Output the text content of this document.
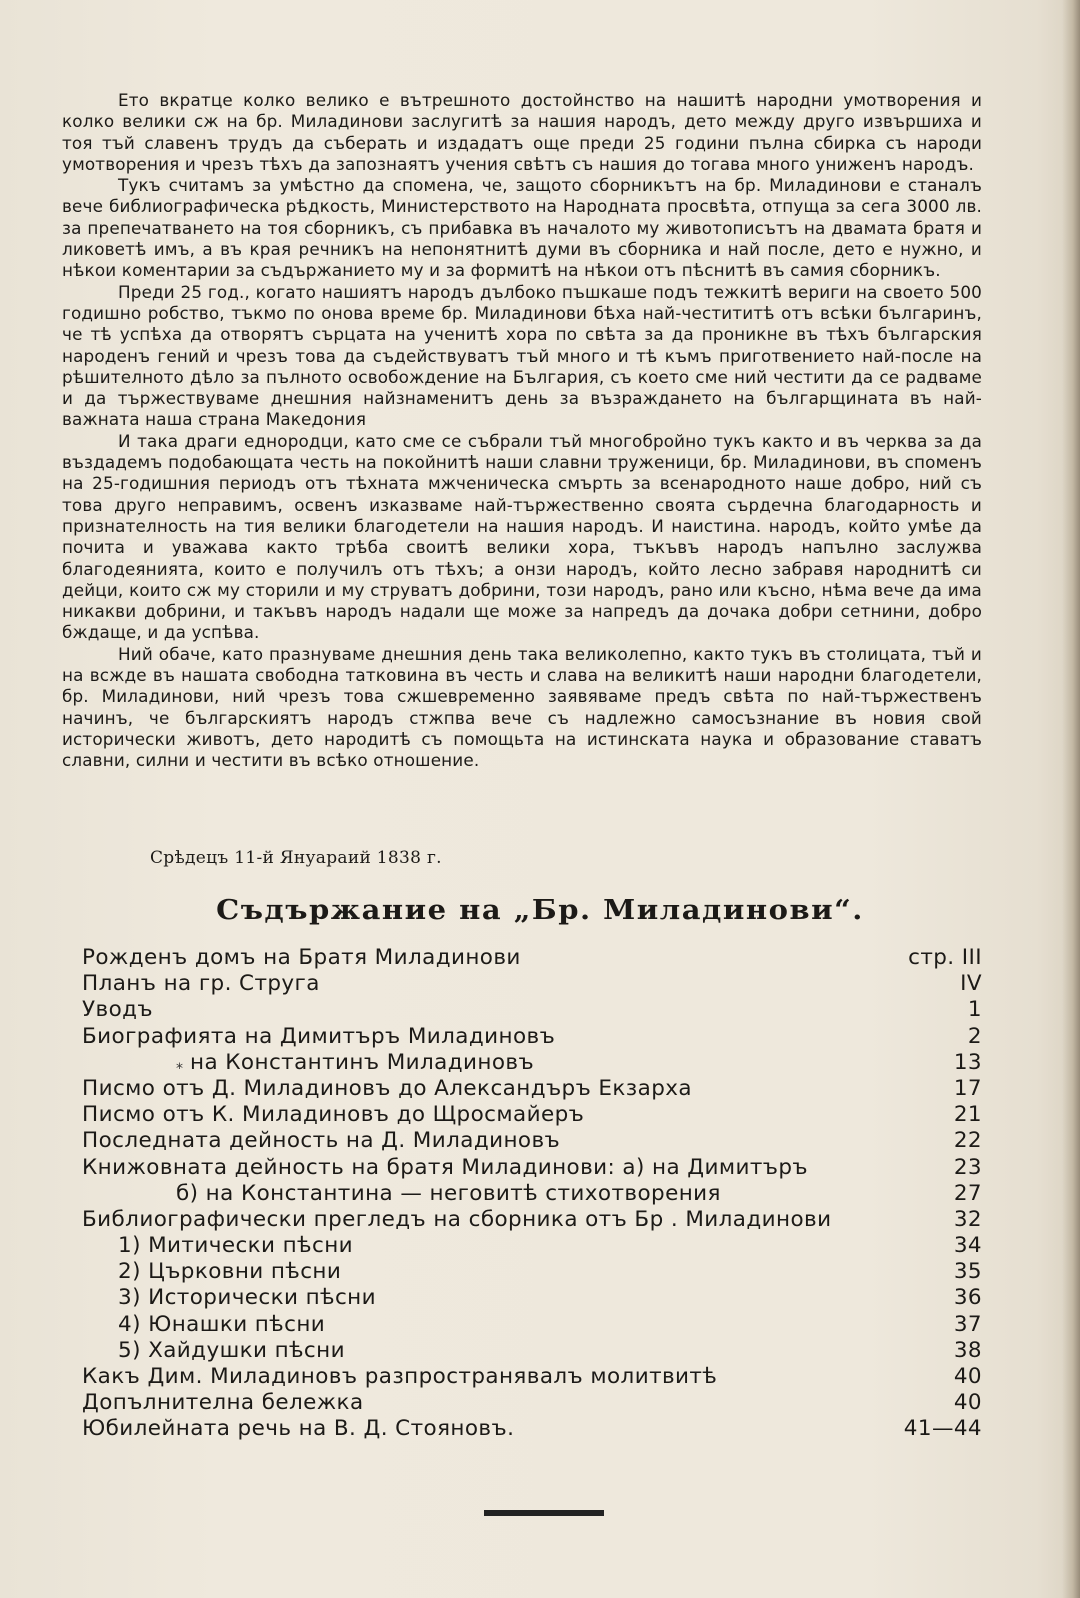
Ето вкратце колко велико е вътрешното достойнство на нашитѣ народни умотворения и колко велики сж на бр. Миладинови заслугитѣ за нашия народъ, дето между друго извършиха и тоя тъй славенъ трудъ да съберать и издадатъ още преди 25 години пълна сбирка съ народи умотворения и чрезъ тѣхъ да запознаятъ учения свѣтъ съ нашия до тогава много униженъ народъ.

Тукъ считамъ за умѣстно да спомена, че, защото сборникътъ на бр. Миладинови е станалъ вече библиографическа рѣдкость, Министерството на Народната просвѣта, отпуща за сега 3000 лв. за препечатването на тоя сборникъ, съ прибавка въ началото му животописътъ на двамата братя и ликоветѣ имъ, а въ края речникъ на непонятнитѣ думи въ сборника и най после, дето е нужно, и нѣкои коментарии за съдържанието му и за формитѣ на нѣкои отъ пѣснитѣ въ самия сборникъ.

Преди 25 год., когато нашиятъ народъ дълбоко пъшкаше подъ тежкитѣ вериги на своето 500 годишно робство, тъкмо по онова време бр. Миладинови бѣха най-честититѣ отъ всѣки българинъ, че тѣ успѣха да отворятъ сърцата на ученитѣ хора по свѣта за да проникне въ тѣхъ българския народенъ гений и чрезъ това да съдействуватъ тъй много и тѣ къмъ приготвението най-после на рѣшителното дѣло за пълното освобождение на България, съ което сме ний честити да се радваме и да тържествуваме днешния найзнаменитъ день за възраждането на българщината въ най-важната наша страна Македония

И така драги еднородци, като сме се събрали тъй многобройно тукъ както и въ черква за да въздадемъ подобающата честь на покойнитѣ наши славни труженици, бр. Миладинови, въ споменъ на 25-годишния периодъ отъ тѣхната мжченическа смърть за всенародното наше добро, ний съ това друго неправимъ, освенъ изказваме най-тържественно своята сърдечна благодарность и признателность на тия велики благодетели на нашия народъ. И наистина. народъ, който умѣе да почита и уважава както трѣба своитѣ велики хора, тъкъвъ народъ напълно заслужва благодеянията, които е получилъ отъ тѣхъ; а онзи народъ, който лесно забравя народнитѣ си дейци, които сж му сторили и му струватъ добрини, този народъ, рано или късно, нѣма вече да има никакви добрини, и такъвъ народъ надали ще може за напредъ да дочака добри сетнини, добро бждаще, и да успѣва.

Ний обаче, като празнуваме днешния день така великолепно, както тукъ въ столицата, тъй и на всжде въ нашата свободна татковина въ честь и слава на великитѣ наши народни благодетели, бр. Миладинови, ний чрезъ това сжшевременно заявяваме предъ свѣта по най-тържественъ начинъ, че българскиятъ народъ стжпва вече съ надлежно самосъзнание въ новия свой исторически животъ, дето народитѣ съ помощьта на истинската наука и образование ставатъ славни, силни и честити въ всѣко отношение.

Срѣдецъ 11-й Януараий 1838 г.
Съдържание на „Бр. Миладинови“.
Рожденъ домъ на Братя Миладинови	стр. III
Планъ на гр. Струга	IV
Уводъ	1
Биографията на Димитъръ Миладиновъ	2
* на Константинъ Миладиновъ	13
Писмо отъ Д. Миладиновъ до Александъръ Екзарха	17
Писмо отъ К. Миладиновъ до Щросмайеръ	21
Последната дейность на Д. Миладиновъ	22
Книжовната дейность на братя Миладинови: а) на Димитъръ	23
б) на Константина — неговитѣ стихотворения	27
Библиографически прегледъ на сборника отъ Бр . Миладинови	32
1) Митически пѣсни	34
2) Църковни пѣсни	35
3) Исторически пѣсни	36
4) Юнашки пѣсни	37
5) Хайдушки пѣсни	38
Какъ Дим. Миладиновъ разпространявалъ молитвитѣ	40
Допълнителна бележка	40
Юбилейната речь на В. Д. Стояновъ.	41—44
